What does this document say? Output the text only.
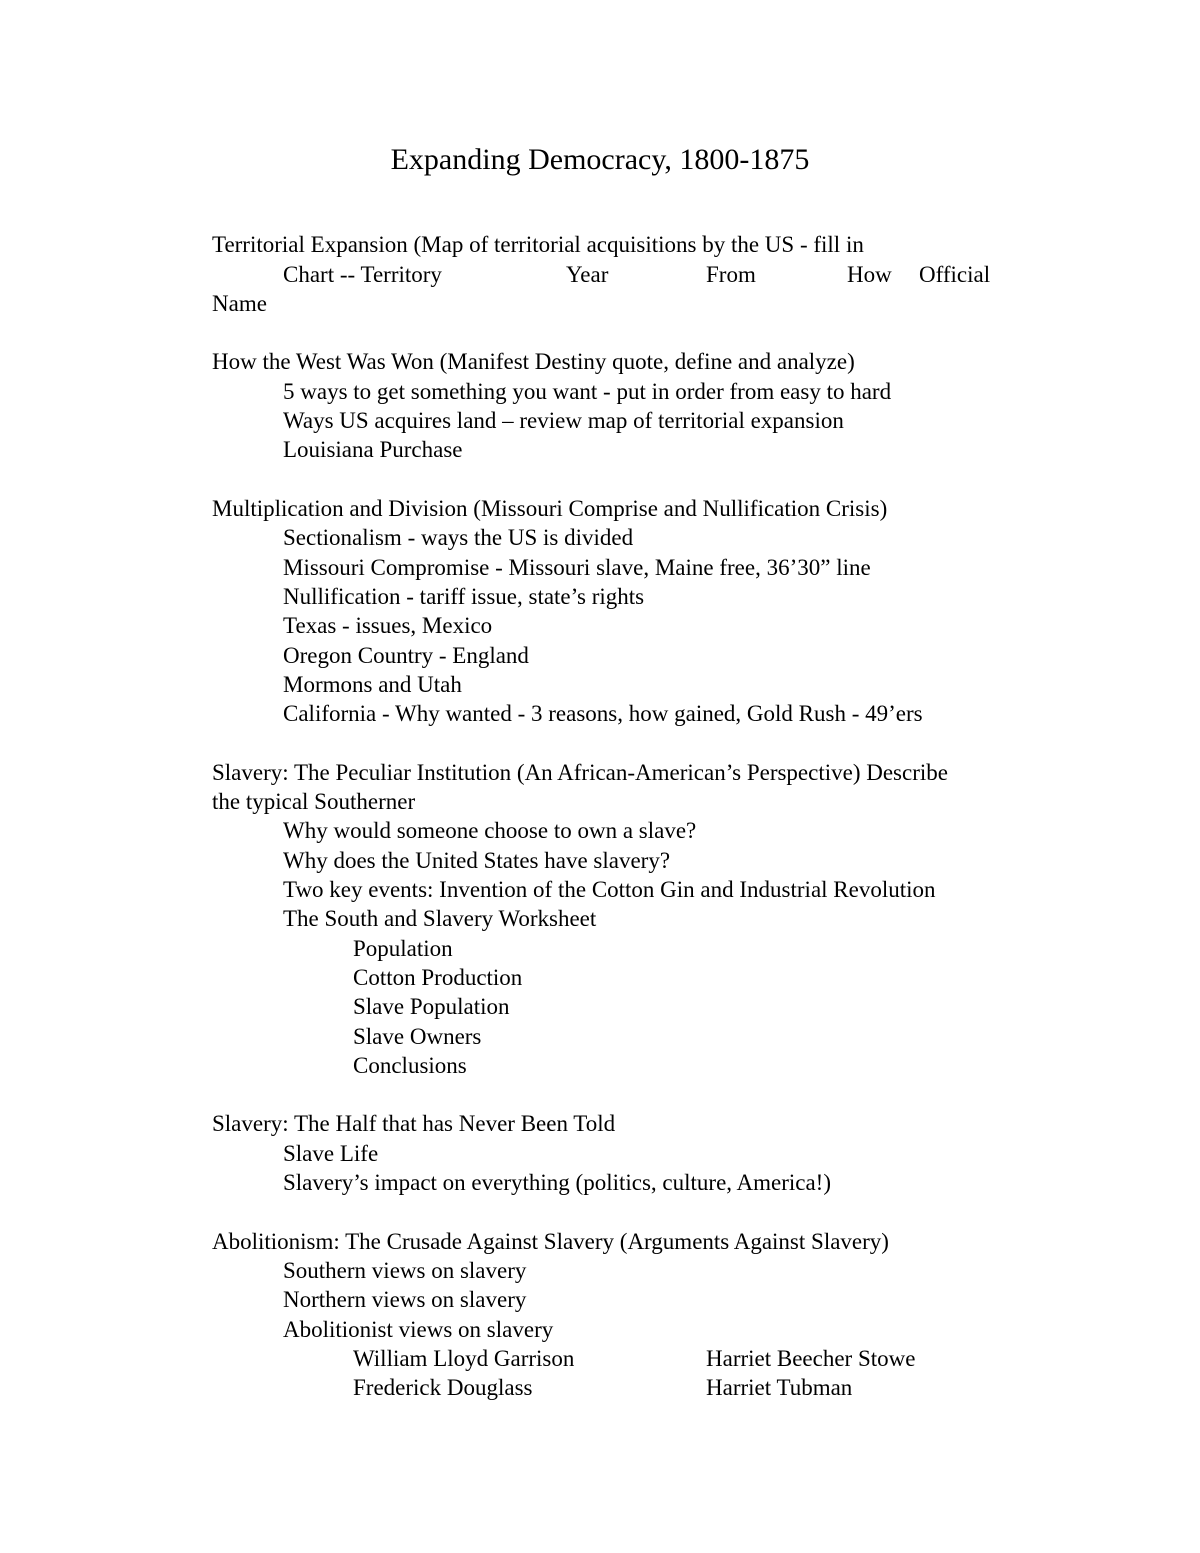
Expanding Democracy, 1800-1875
Territorial Expansion (Map of territorial acquisitions by the US - fill in
Chart -- Territory	Year	From	How Official
Name
How the West Was Won (Manifest Destiny quote, define and analyze)
5 ways to get something you want - put in order from easy to hard
Ways US acquires land – review map of territorial expansion
Louisiana Purchase
Multiplication and Division (Missouri Comprise and Nullification Crisis)
Sectionalism - ways the US is divided
Missouri Compromise - Missouri slave, Maine free, 36’30” line
Nullification - tariff issue, state’s rights
Texas - issues, Mexico
Oregon Country - England
Mormons and Utah
California - Why wanted - 3 reasons, how gained, Gold Rush - 49’ers
Slavery: The Peculiar Institution (An African-American’s Perspective) Describe
the typical Southerner
Why would someone choose to own a slave?
Why does the United States have slavery?
Two key events: Invention of the Cotton Gin and Industrial Revolution
The South and Slavery Worksheet
Population
Cotton Production
Slave Population
Slave Owners
Conclusions
Slavery: The Half that has Never Been Told
Slave Life
Slavery’s impact on everything (politics, culture, America!)
Abolitionism: The Crusade Against Slavery (Arguments Against Slavery)
Southern views on slavery
Northern views on slavery
Abolitionist views on slavery
William Lloyd Garrison	Harriet Beecher Stowe
Frederick Douglass	Harriet Tubman
